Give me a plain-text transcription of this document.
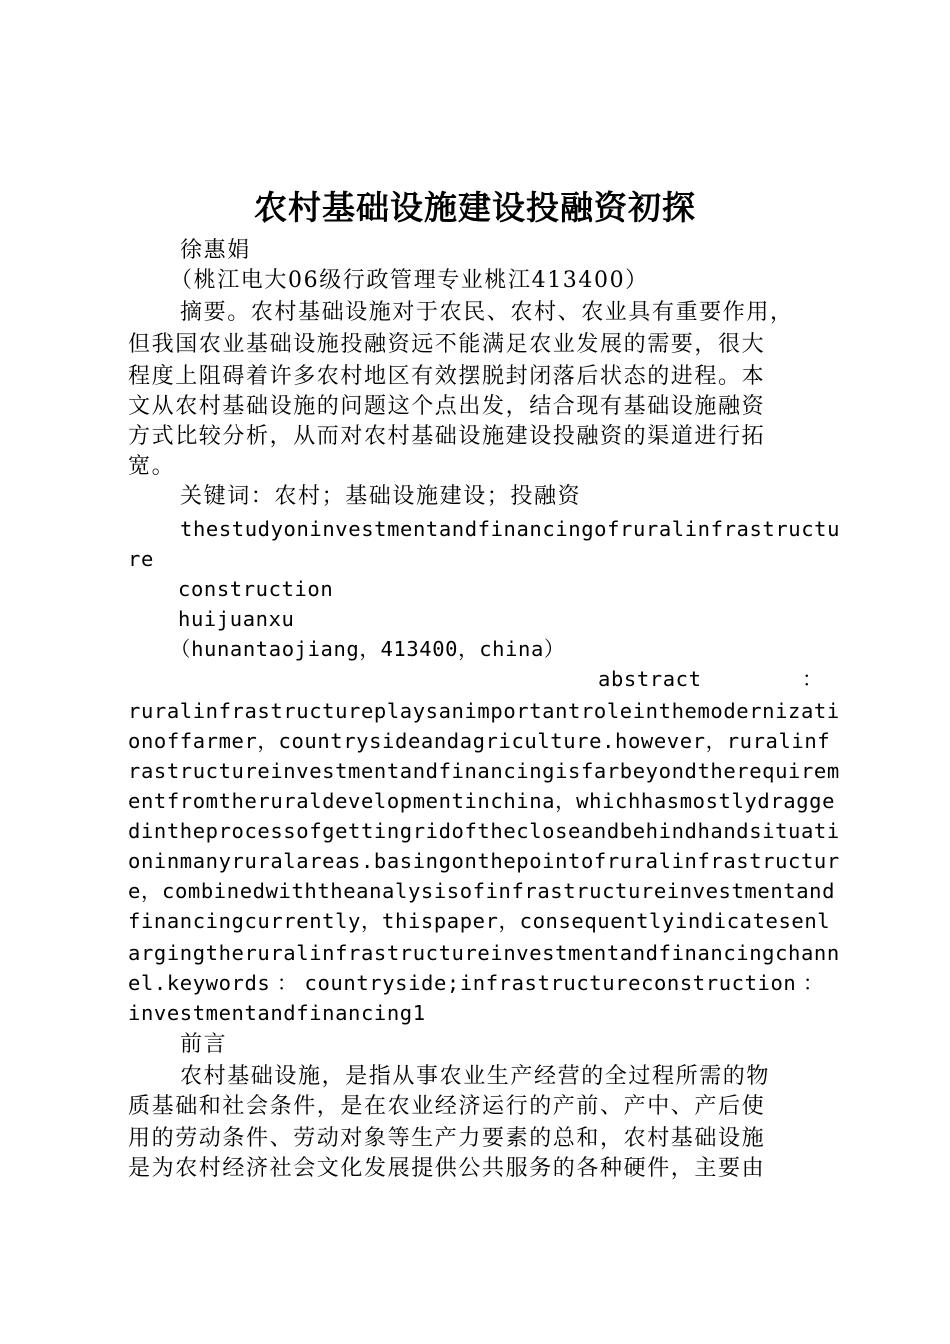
农村基础设施建设投融资初探
徐惠娟
（桃江电大06级行政管理专业桃江413400）
摘要。农村基础设施对于农民、农村、农业具有重要作用，
但我国农业基础设施投融资远不能满足农业发展的需要，很大
程度上阻碍着许多农村地区有效摆脱封闭落后状态的进程。本
文从农村基础设施的问题这个点出发，结合现有基础设施融资
方式比较分析，从而对农村基础设施建设投融资的渠道进行拓
宽。
关键词：农村；基础设施建设；投融资
thestudyoninvestmentandfinancingofruralinfrastructu
re
construction
huijuanxu
（hunantaojiang，413400，china）
abstract	：
ruralinfrastructureplaysanimportantroleinthemodernizati
onoffarmer，countrysideandagriculture.however，ruralinf
rastructureinvestmentandfinancingisfarbeyondtherequirem
entfromtheruraldevelopmentinchina，whichhasmostlydragge
dintheprocessofgettingridofthecloseandbehindhandsituati
oninmanyruralareas.basingonthepointofruralinfrastructur
e，combinedwiththeanalysisofinfrastructureinvestmentand
financingcurrently，thispaper，consequentlyindicatesenl
argingtheruralinfrastructureinvestmentandfinancingchann
el.keywords ： countryside;infrastructureconstruction ：
investmentandfinancing1
前言
农村基础设施，是指从事农业生产经营的全过程所需的物
质基础和社会条件，是在农业经济运行的产前、产中、产后使
用的劳动条件、劳动对象等生产力要素的总和，农村基础设施
是为农村经济社会文化发展提供公共服务的各种硬件，主要由
